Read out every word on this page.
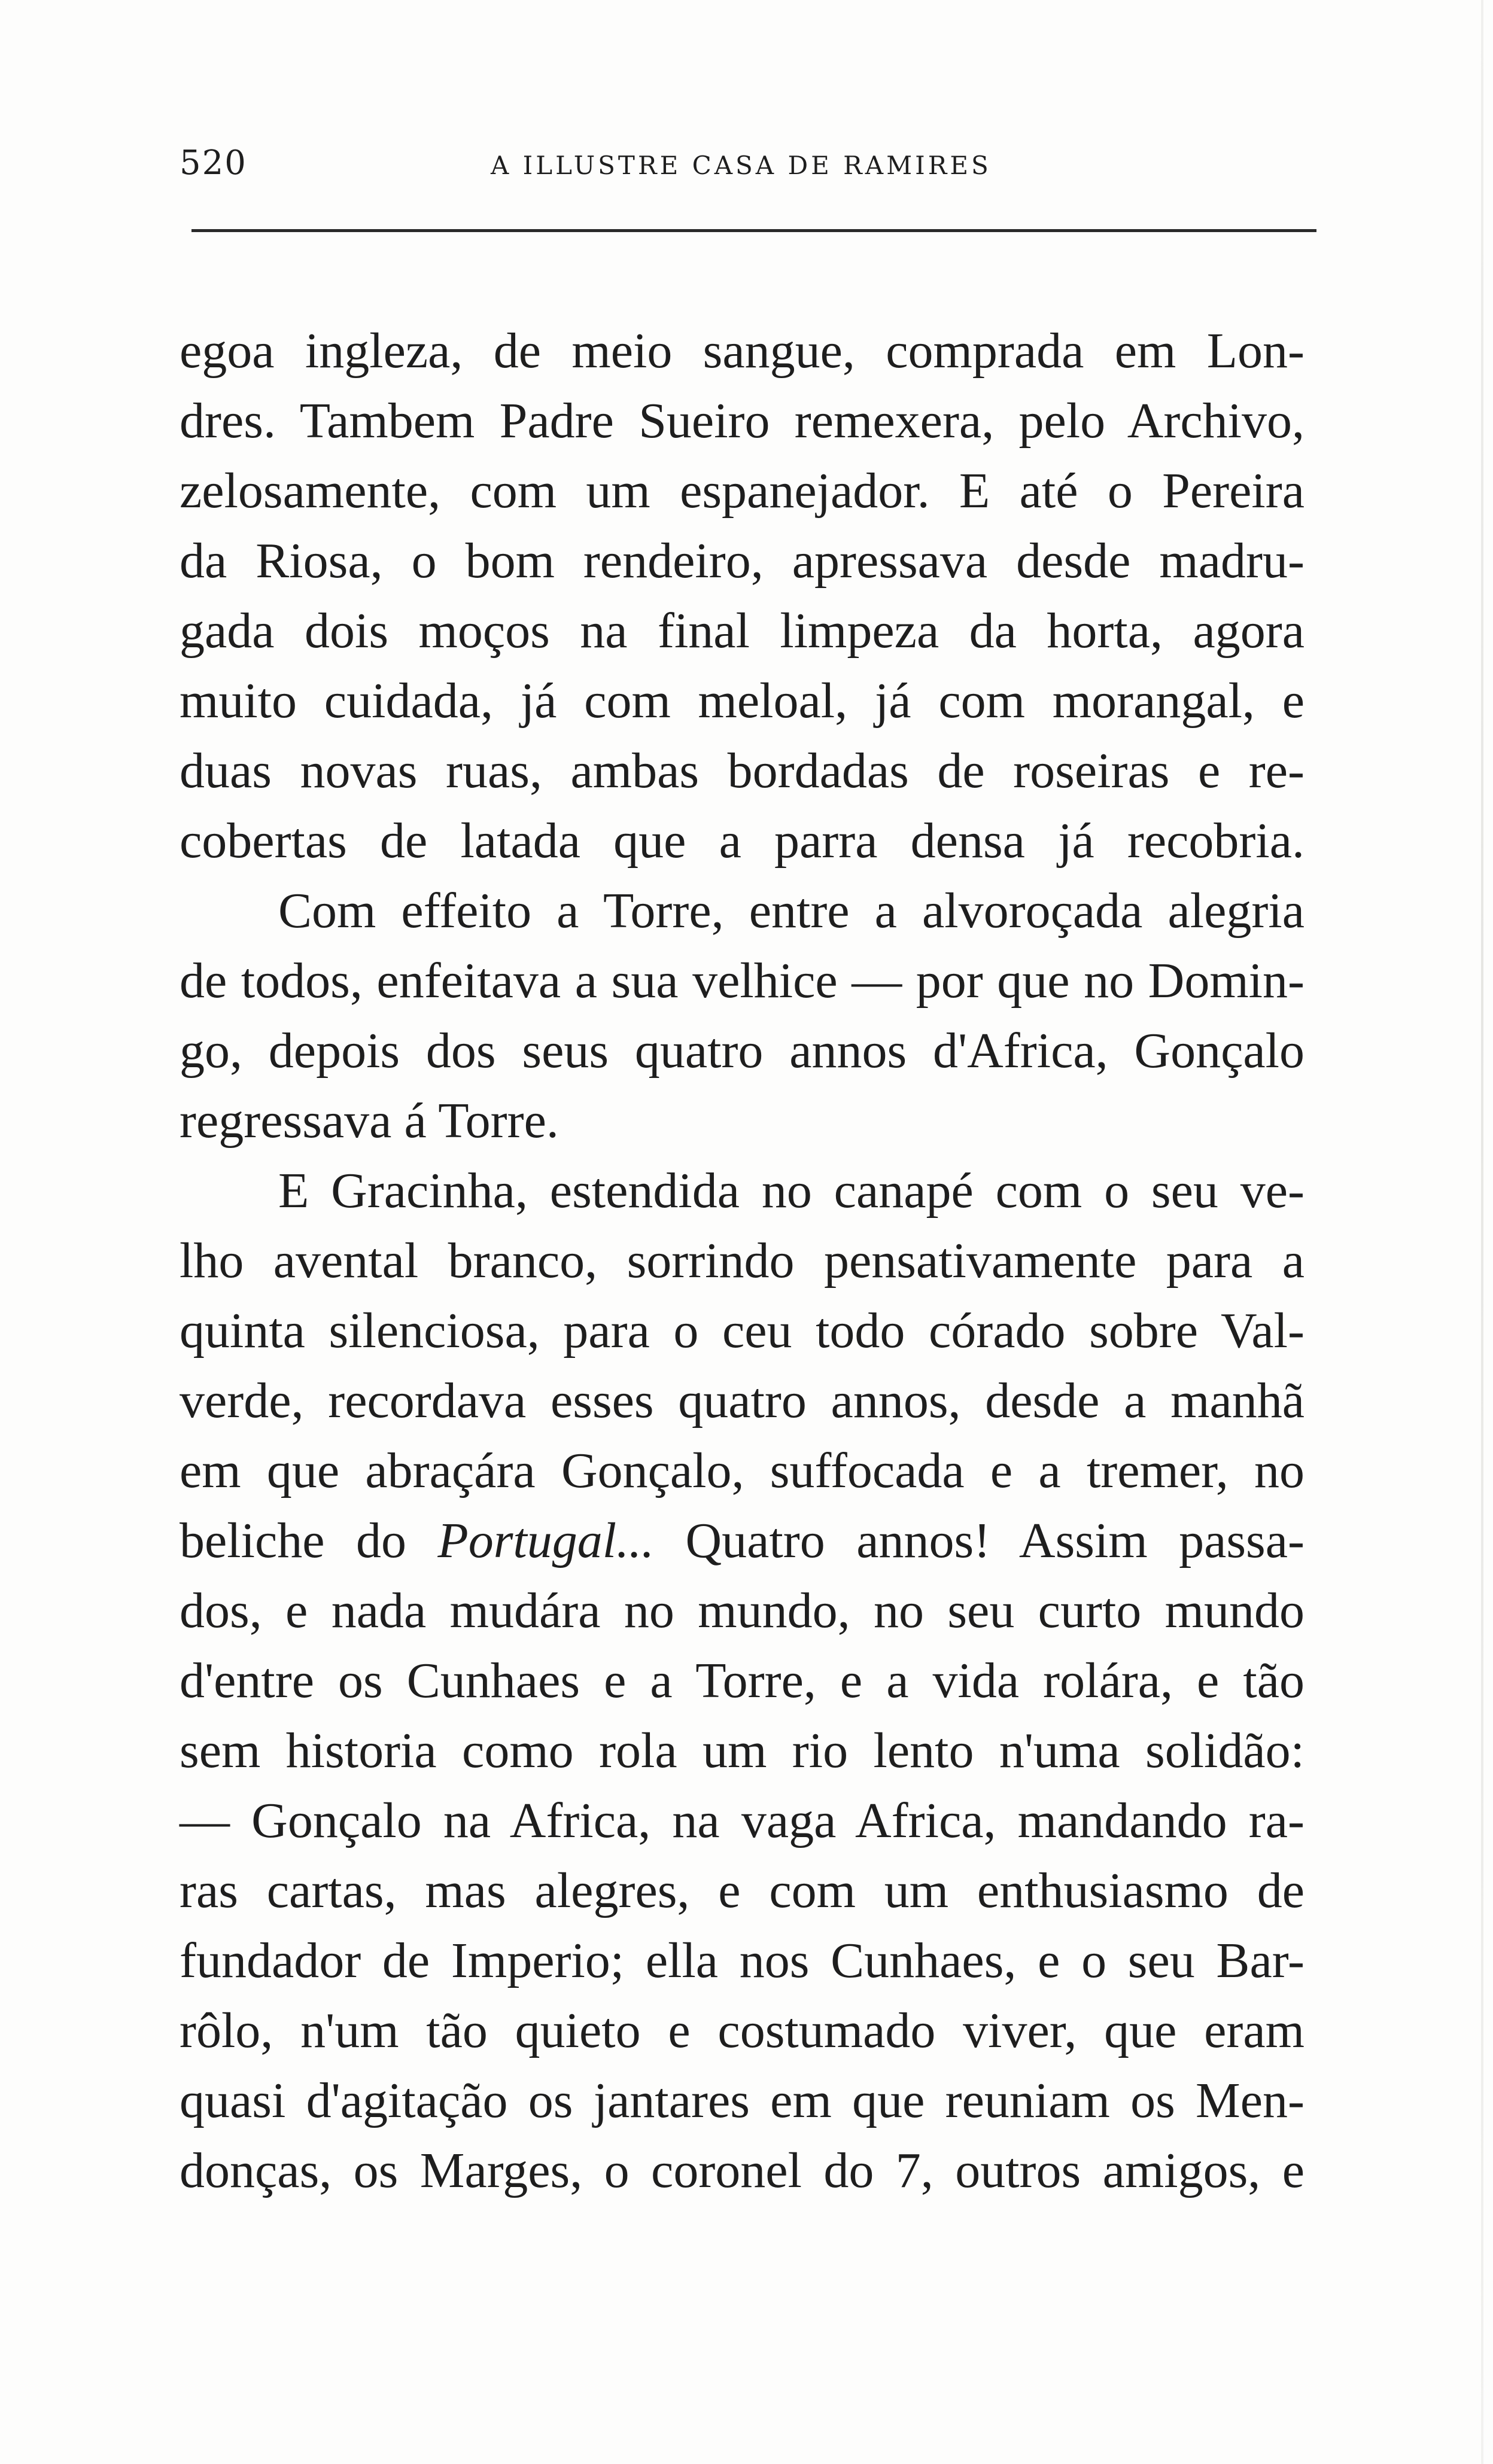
520	A ILLUSTRE CASA DE RAMIRES
egoa ingleza, de meio sangue, comprada em Lon-
dres. Tambem Padre Sueiro remexera, pelo Archivo,
zelosamente, com um espanejador. E até o Pereira
da Riosa, o bom rendeiro, apressava desde madru-
gada dois moços na final limpeza da horta, agora
muito cuidada, já com meloal, já com morangal, e
duas novas ruas, ambas bordadas de roseiras e re-
cobertas de latada que a parra densa já recobria.
Com effeito a Torre, entre a alvoroçada alegria
de todos, enfeitava a sua velhice — por que no Domin-
go, depois dos seus quatro annos d'Africa, Gonçalo
regressava á Torre.
E Gracinha, estendida no canapé com o seu ve-
lho avental branco, sorrindo pensativamente para a
quinta silenciosa, para o ceu todo córado sobre Val-
verde, recordava esses quatro annos, desde a manhã
em que abraçára Gonçalo, suffocada e a tremer, no
beliche do Portugal... Quatro annos! Assim passa-
dos, e nada mudára no mundo, no seu curto mundo
d'entre os Cunhaes e a Torre, e a vida rolára, e tão
sem historia como rola um rio lento n'uma solidão:
— Gonçalo na Africa, na vaga Africa, mandando ra-
ras cartas, mas alegres, e com um enthusiasmo de
fundador de Imperio; ella nos Cunhaes, e o seu Bar-
rôlo, n'um tão quieto e costumado viver, que eram
quasi d'agitação os jantares em que reuniam os Men-
donças, os Marges, o coronel do 7, outros amigos, e
